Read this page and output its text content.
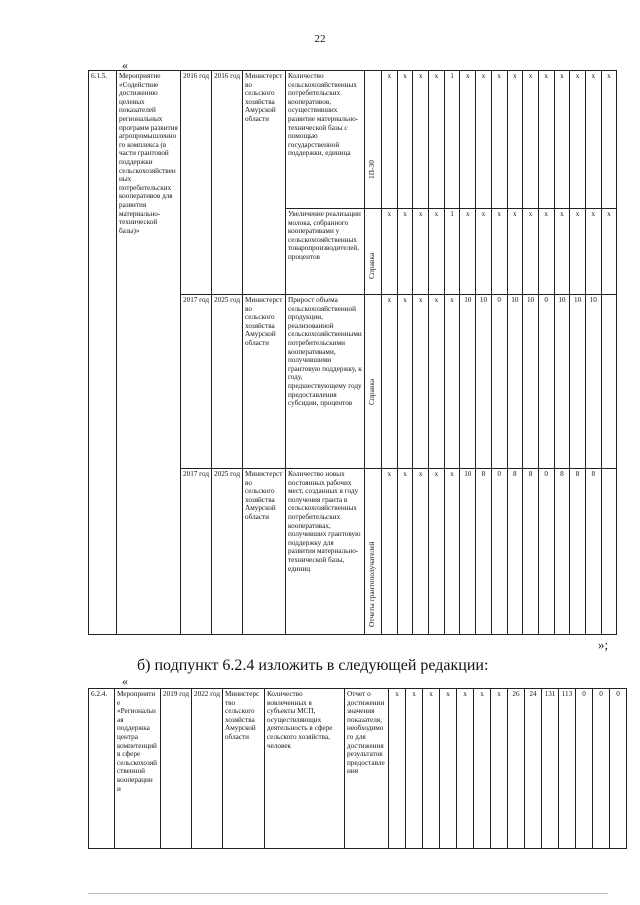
22
«
6.1.5.	Мероприятие «Содействие достижению целевых показателей региональных программ развития агропромышленного комплекса (в части грантовой поддержки сельскохозяйственных потребительских кооперативов для развития материально-технической базы)»	2016 год	2016 год	Министерство сельского хозяйства Амурской области	Количество сельскохозяйственных потребительских кооперативов, осуществивших развитие материально-технической базы с помощью государственной поддержки, единица	1П-30	х	х	х	х	1	х	х	х	х	х	х	х	х	х	х
					Увеличение реализации молока, собранного кооперативами у сельскохозяйственных товаропроизводителей, процентов	Справка	х	х	х	х	1	х	х	х	х	х	х	х	х	х	х
		2017 год	2025 год	Министерство сельского хозяйства Амурской области	Прирост объема сельскохозяйственной продукции, реализованной сельскохозяйственными потребительскими кооперативами, получившими грантовую поддержку, к году, предшествующему году предоставления субсидии, процентов	Справка	х	х	х	х	х	10	10	0	10	10	0	10	10	10	
		2017 год	2025 год	Министерство сельского хозяйства Амурской области	Количество новых постоянных рабочих мест, созданных в году получения гранта в сельскохозяйственных потребительских кооперативах, получивших грантовую поддержку для развития материально-технической базы, единиц	Отчеты грантополучателей	х	х	х	х	х	10	8	0	8	8	0	8	8	8	
»;
б) подпункт 6.2.4 изложить в следующей редакции:
«
6.2.4.	Мероприятие «Региональная поддержка центра компетенций в сфере сельскохозяйственной кооперации и	2019 год	2022 год	Министерство сельского хозяйства Амурской области	Количество вовлеченных в субъекты МСП, осуществляющих деятельность в сфере сельского хозяйства, человек	Отчет о достижении значения показателя, необходимого для достижения результатов предоставления	х	х	х	х	х	х	х	26	24	131	113	0	0	0
